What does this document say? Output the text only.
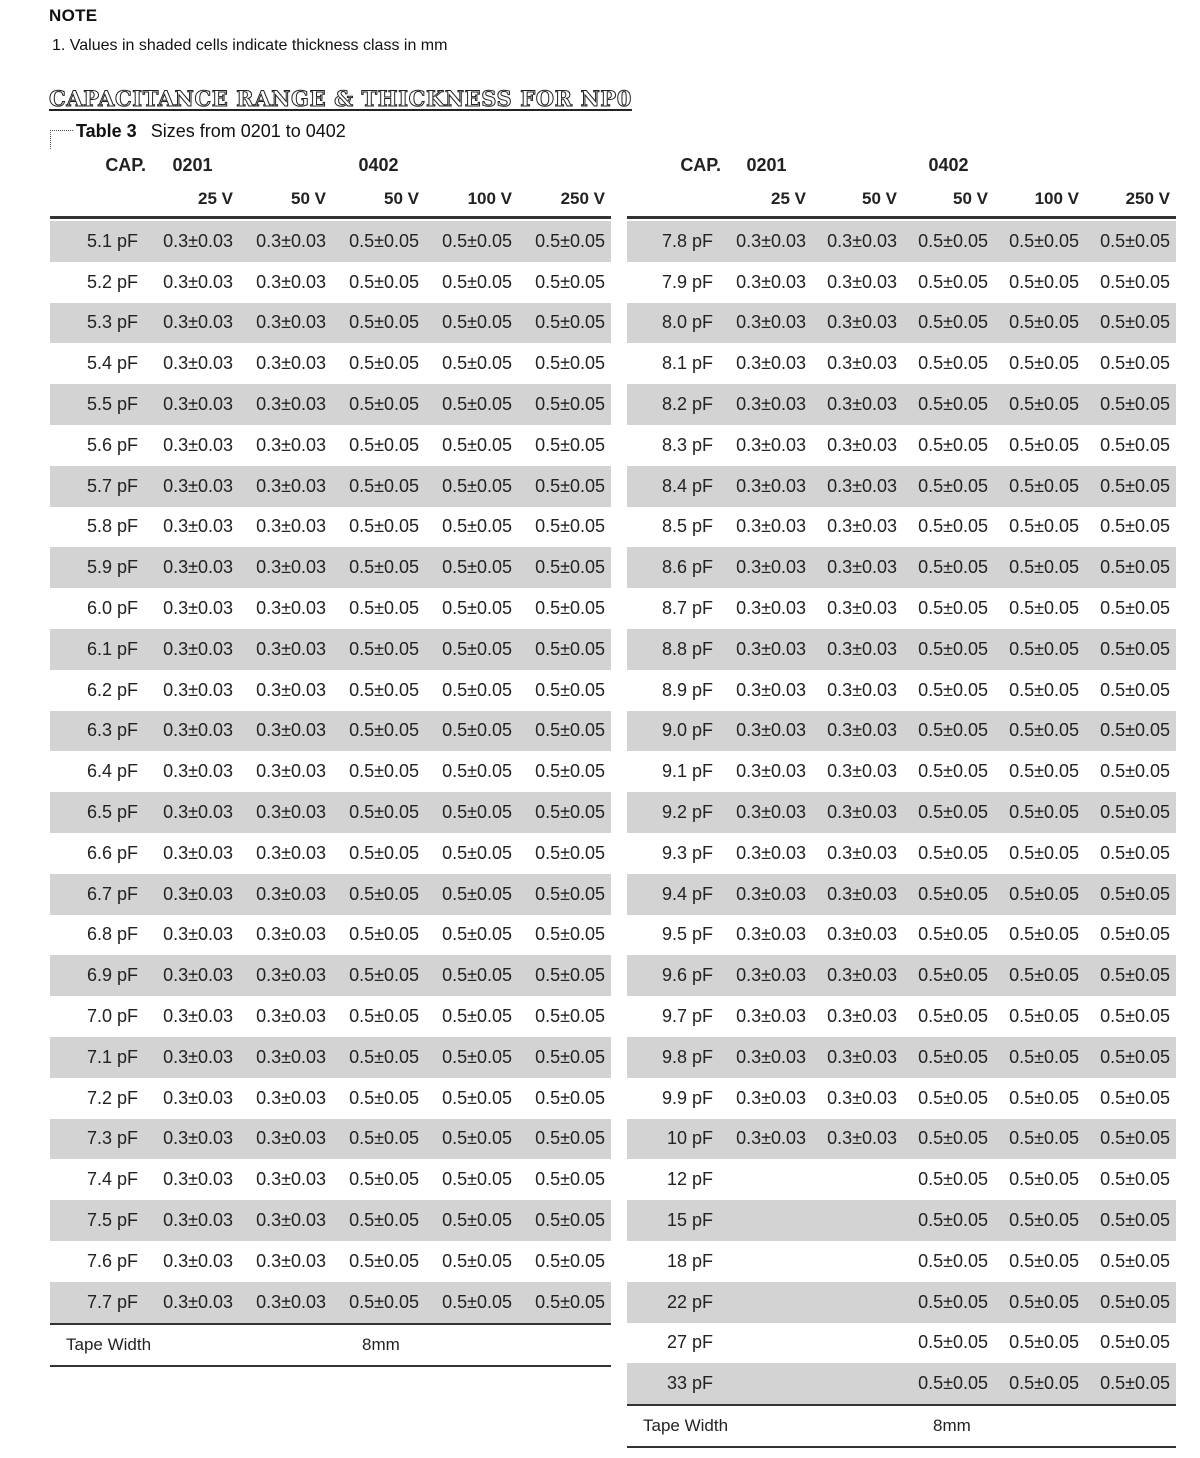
NOTE
1. Values in shaded cells indicate thickness class in mm
CAPACITANCE RANGE & THICKNESS FOR NP0
Table 3 Sizes from 0201 to 0402
CAP.	0201		0402		
	25 V	50 V	50 V	100 V	250 V

5.1 pF	0.3±0.03	0.3±0.03	0.5±0.05	0.5±0.05	0.5±0.05
5.2 pF	0.3±0.03	0.3±0.03	0.5±0.05	0.5±0.05	0.5±0.05
5.3 pF	0.3±0.03	0.3±0.03	0.5±0.05	0.5±0.05	0.5±0.05
5.4 pF	0.3±0.03	0.3±0.03	0.5±0.05	0.5±0.05	0.5±0.05
5.5 pF	0.3±0.03	0.3±0.03	0.5±0.05	0.5±0.05	0.5±0.05
5.6 pF	0.3±0.03	0.3±0.03	0.5±0.05	0.5±0.05	0.5±0.05
5.7 pF	0.3±0.03	0.3±0.03	0.5±0.05	0.5±0.05	0.5±0.05
5.8 pF	0.3±0.03	0.3±0.03	0.5±0.05	0.5±0.05	0.5±0.05
5.9 pF	0.3±0.03	0.3±0.03	0.5±0.05	0.5±0.05	0.5±0.05
6.0 pF	0.3±0.03	0.3±0.03	0.5±0.05	0.5±0.05	0.5±0.05
6.1 pF	0.3±0.03	0.3±0.03	0.5±0.05	0.5±0.05	0.5±0.05
6.2 pF	0.3±0.03	0.3±0.03	0.5±0.05	0.5±0.05	0.5±0.05
6.3 pF	0.3±0.03	0.3±0.03	0.5±0.05	0.5±0.05	0.5±0.05
6.4 pF	0.3±0.03	0.3±0.03	0.5±0.05	0.5±0.05	0.5±0.05
6.5 pF	0.3±0.03	0.3±0.03	0.5±0.05	0.5±0.05	0.5±0.05
6.6 pF	0.3±0.03	0.3±0.03	0.5±0.05	0.5±0.05	0.5±0.05
6.7 pF	0.3±0.03	0.3±0.03	0.5±0.05	0.5±0.05	0.5±0.05
6.8 pF	0.3±0.03	0.3±0.03	0.5±0.05	0.5±0.05	0.5±0.05
6.9 pF	0.3±0.03	0.3±0.03	0.5±0.05	0.5±0.05	0.5±0.05
7.0 pF	0.3±0.03	0.3±0.03	0.5±0.05	0.5±0.05	0.5±0.05
7.1 pF	0.3±0.03	0.3±0.03	0.5±0.05	0.5±0.05	0.5±0.05
7.2 pF	0.3±0.03	0.3±0.03	0.5±0.05	0.5±0.05	0.5±0.05
7.3 pF	0.3±0.03	0.3±0.03	0.5±0.05	0.5±0.05	0.5±0.05
7.4 pF	0.3±0.03	0.3±0.03	0.5±0.05	0.5±0.05	0.5±0.05
7.5 pF	0.3±0.03	0.3±0.03	0.5±0.05	0.5±0.05	0.5±0.05
7.6 pF	0.3±0.03	0.3±0.03	0.5±0.05	0.5±0.05	0.5±0.05
7.7 pF	0.3±0.03	0.3±0.03	0.5±0.05	0.5±0.05	0.5±0.05
Tape Width			8mm		
CAP.	0201		0402		
	25 V	50 V	50 V	100 V	250 V

7.8 pF	0.3±0.03	0.3±0.03	0.5±0.05	0.5±0.05	0.5±0.05
7.9 pF	0.3±0.03	0.3±0.03	0.5±0.05	0.5±0.05	0.5±0.05
8.0 pF	0.3±0.03	0.3±0.03	0.5±0.05	0.5±0.05	0.5±0.05
8.1 pF	0.3±0.03	0.3±0.03	0.5±0.05	0.5±0.05	0.5±0.05
8.2 pF	0.3±0.03	0.3±0.03	0.5±0.05	0.5±0.05	0.5±0.05
8.3 pF	0.3±0.03	0.3±0.03	0.5±0.05	0.5±0.05	0.5±0.05
8.4 pF	0.3±0.03	0.3±0.03	0.5±0.05	0.5±0.05	0.5±0.05
8.5 pF	0.3±0.03	0.3±0.03	0.5±0.05	0.5±0.05	0.5±0.05
8.6 pF	0.3±0.03	0.3±0.03	0.5±0.05	0.5±0.05	0.5±0.05
8.7 pF	0.3±0.03	0.3±0.03	0.5±0.05	0.5±0.05	0.5±0.05
8.8 pF	0.3±0.03	0.3±0.03	0.5±0.05	0.5±0.05	0.5±0.05
8.9 pF	0.3±0.03	0.3±0.03	0.5±0.05	0.5±0.05	0.5±0.05
9.0 pF	0.3±0.03	0.3±0.03	0.5±0.05	0.5±0.05	0.5±0.05
9.1 pF	0.3±0.03	0.3±0.03	0.5±0.05	0.5±0.05	0.5±0.05
9.2 pF	0.3±0.03	0.3±0.03	0.5±0.05	0.5±0.05	0.5±0.05
9.3 pF	0.3±0.03	0.3±0.03	0.5±0.05	0.5±0.05	0.5±0.05
9.4 pF	0.3±0.03	0.3±0.03	0.5±0.05	0.5±0.05	0.5±0.05
9.5 pF	0.3±0.03	0.3±0.03	0.5±0.05	0.5±0.05	0.5±0.05
9.6 pF	0.3±0.03	0.3±0.03	0.5±0.05	0.5±0.05	0.5±0.05
9.7 pF	0.3±0.03	0.3±0.03	0.5±0.05	0.5±0.05	0.5±0.05
9.8 pF	0.3±0.03	0.3±0.03	0.5±0.05	0.5±0.05	0.5±0.05
9.9 pF	0.3±0.03	0.3±0.03	0.5±0.05	0.5±0.05	0.5±0.05
10 pF	0.3±0.03	0.3±0.03	0.5±0.05	0.5±0.05	0.5±0.05
12 pF			0.5±0.05	0.5±0.05	0.5±0.05
15 pF			0.5±0.05	0.5±0.05	0.5±0.05
18 pF			0.5±0.05	0.5±0.05	0.5±0.05
22 pF			0.5±0.05	0.5±0.05	0.5±0.05
27 pF			0.5±0.05	0.5±0.05	0.5±0.05
33 pF			0.5±0.05	0.5±0.05	0.5±0.05
Tape Width			8mm		
